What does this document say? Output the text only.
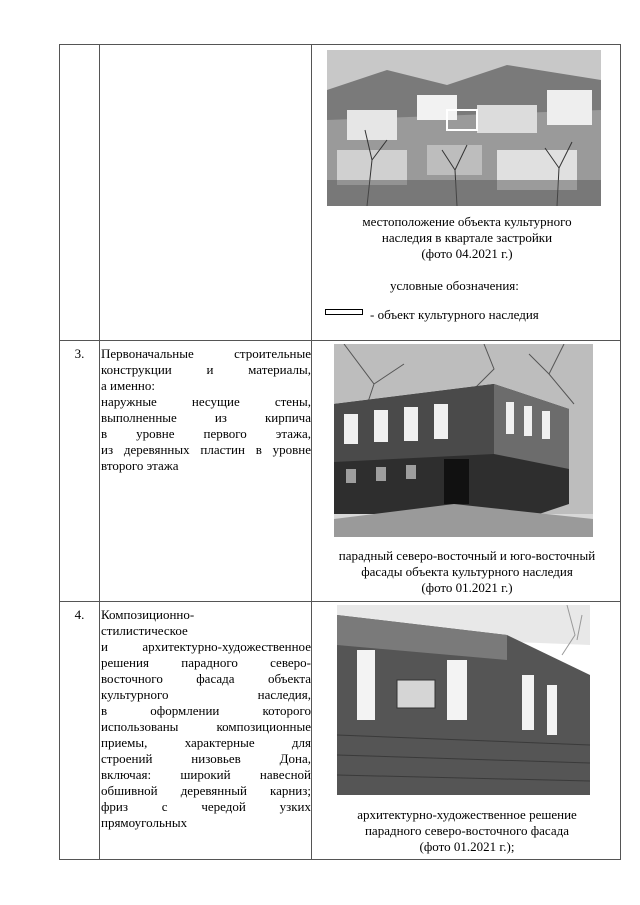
местоположение объекта культурного
наследия в квартале застройки
(фото 04.2021 г.)
условные обозначения:
- объект культурного наследия
3.	Первоначальные строительные
конструкции и материалы,
а именно:
наружные несущие стены,
выполненные из кирпича
в уровне первого этажа,
из деревянных пластин в уровне
второго этажа
парадный северо-восточный и юго-восточный
фасады объекта культурного наследия
(фото 01.2021 г.)
4.	Композиционно-
стилистическое
и архитектурно-художественное
решения парадного северо-
восточного фасада объекта
культурного наследия,
в оформлении которого
использованы композиционные
приемы, характерные для
строений низовьев Дона,
включая: широкий навесной
обшивной деревянный карниз;
фриз с чередой узких
прямоугольных
архитектурно-художественное решение
парадного северо-восточного фасада
(фото 01.2021 г.);
